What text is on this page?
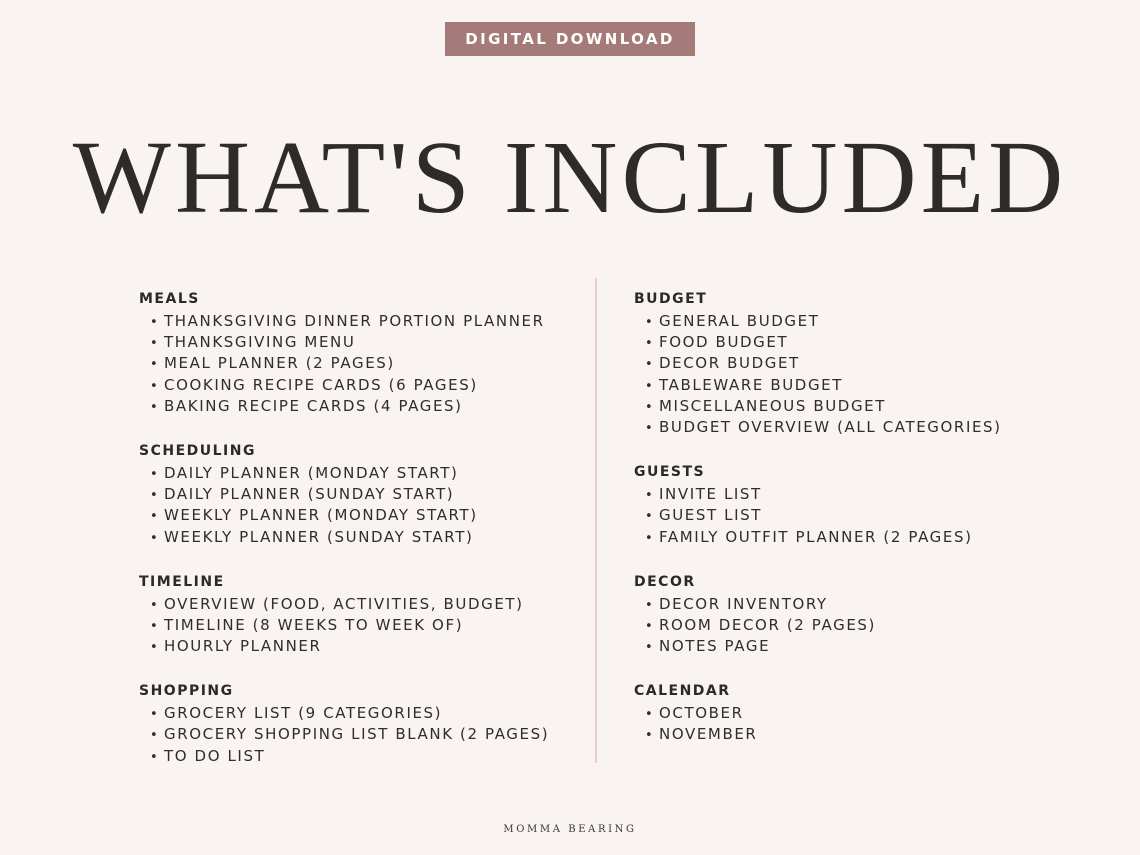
DIGITAL DOWNLOAD
WHAT'S INCLUDED
MEALS
• THANKSGIVING DINNER PORTION PLANNER
• THANKSGIVING MENU
• MEAL PLANNER (2 PAGES)
• COOKING RECIPE CARDS (6 PAGES)
• BAKING RECIPE CARDS (4 PAGES)
SCHEDULING
• DAILY PLANNER (MONDAY START)
• DAILY PLANNER (SUNDAY START)
• WEEKLY PLANNER (MONDAY START)
• WEEKLY PLANNER (SUNDAY START)
TIMELINE
• OVERVIEW (FOOD, ACTIVITIES, BUDGET)
• TIMELINE (8 WEEKS TO WEEK OF)
• HOURLY PLANNER
SHOPPING
• GROCERY LIST (9 CATEGORIES)
• GROCERY SHOPPING LIST BLANK (2 PAGES)
• TO DO LIST
BUDGET
• GENERAL BUDGET
• FOOD BUDGET
• DECOR BUDGET
• TABLEWARE BUDGET
• MISCELLANEOUS BUDGET
• BUDGET OVERVIEW (ALL CATEGORIES)
GUESTS
• INVITE LIST
• GUEST LIST
• FAMILY OUTFIT PLANNER (2 PAGES)
DECOR
• DECOR INVENTORY
• ROOM DECOR (2 PAGES)
• NOTES PAGE
CALENDAR
• OCTOBER
• NOVEMBER
MOMMA BEARING
